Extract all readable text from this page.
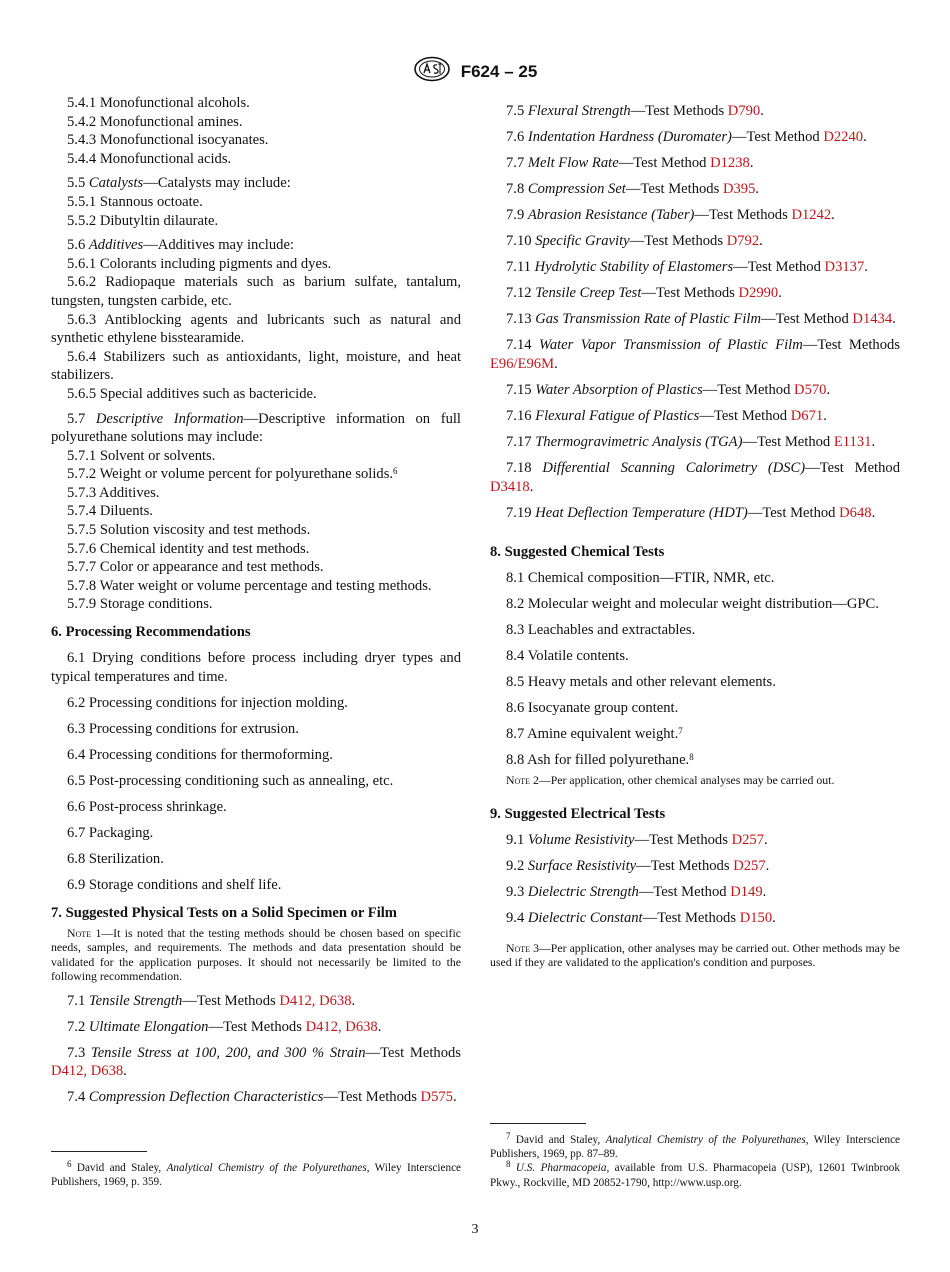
F624 – 25

5.4.1 Monofunctional alcohols.

5.4.2 Monofunctional amines.

5.4.3 Monofunctional isocyanates.

5.4.4 Monofunctional acids.

5.5 Catalysts—Catalysts may include:

5.5.1 Stannous octoate.

5.5.2 Dibutyltin dilaurate.

5.6 Additives—Additives may include:

5.6.1 Colorants including pigments and dyes.

5.6.2 Radiopaque materials such as barium sulfate, tantalum, tungsten, tungsten carbide, etc.

5.6.3 Antiblocking agents and lubricants such as natural and synthetic ethylene bisstearamide.

5.6.4 Stabilizers such as antioxidants, light, moisture, and heat stabilizers.

5.6.5 Special additives such as bactericide.

5.7 Descriptive Information—Descriptive information on full polyurethane solutions may include:

5.7.1 Solvent or solvents.

5.7.2 Weight or volume percent for polyurethane solids.$^6$

5.7.3 Additives.

5.7.4 Diluents.

5.7.5 Solution viscosity and test methods.

5.7.6 Chemical identity and test methods.

5.7.7 Color or appearance and test methods.

5.7.8 Water weight or volume percentage and testing methods.

5.7.9 Storage conditions.

6. Processing Recommendations

6.1 Drying conditions before process including dryer types and typical temperatures and time.

6.2 Processing conditions for injection molding.

6.3 Processing conditions for extrusion.

6.4 Processing conditions for thermoforming.

6.5 Post-processing conditioning such as annealing, etc.

6.6 Post-process shrinkage.

6.7 Packaging.

6.8 Sterilization.

6.9 Storage conditions and shelf life.

7. Suggested Physical Tests on a Solid Specimen or Film

Note 1—It is noted that the testing methods should be chosen based on specific needs, samples, and requirements. The methods and data presentation should be validated for the application purposes. It should not necessarily be limited to the following recommendation.

7.1 Tensile Strength—Test Methods D412, D638.

7.2 Ultimate Elongation—Test Methods D412, D638.

7.3 Tensile Stress at 100, 200, and 300 % Strain—Test Methods D412, D638.

7.4 Compression Deflection Characteristics—Test Methods D575.

7.5 Flexural Strength—Test Methods D790.

7.6 Indentation Hardness (Duromater)—Test Method D2240.

7.7 Melt Flow Rate—Test Method D1238.

7.8 Compression Set—Test Methods D395.

7.9 Abrasion Resistance (Taber)—Test Methods D1242.

7.10 Specific Gravity—Test Methods D792.

7.11 Hydrolytic Stability of Elastomers—Test Method D3137.

7.12 Tensile Creep Test—Test Methods D2990.

7.13 Gas Transmission Rate of Plastic Film—Test Method D1434.

7.14 Water Vapor Transmission of Plastic Film—Test Methods E96/E96M.

7.15 Water Absorption of Plastics—Test Method D570.

7.16 Flexural Fatigue of Plastics—Test Method D671.

7.17 Thermogravimetric Analysis (TGA)—Test Method E1131.

7.18 Differential Scanning Calorimetry (DSC)—Test Method D3418.

7.19 Heat Deflection Temperature (HDT)—Test Method D648.

8. Suggested Chemical Tests

8.1 Chemical composition—FTIR, NMR, etc.

8.2 Molecular weight and molecular weight distribution—GPC.

8.3 Leachables and extractables.

8.4 Volatile contents.

8.5 Heavy metals and other relevant elements.

8.6 Isocyanate group content.

8.7 Amine equivalent weight.$^7$

8.8 Ash for filled polyurethane.$^8$

Note 2—Per application, other chemical analyses may be carried out.

9. Suggested Electrical Tests

9.1 Volume Resistivity—Test Methods D257.

9.2 Surface Resistivity—Test Methods D257.

9.3 Dielectric Strength—Test Method D149.

9.4 Dielectric Constant—Test Methods D150.

Note 3—Per application, other analyses may be carried out. Other methods may be used if they are validated to the application's condition and purposes.

$^6$ David and Staley, Analytical Chemistry of the Polyurethanes, Wiley Interscience Publishers, 1969, p. 359.

$^7$ David and Staley, Analytical Chemistry of the Polyurethanes, Wiley Interscience Publishers, 1969, pp. 87–89.

$^8$ U.S. Pharmacopeia, available from U.S. Pharmacopeia (USP), 12601 Twinbrook Pkwy., Rockville, MD 20852-1790, http://www.usp.org.

3
